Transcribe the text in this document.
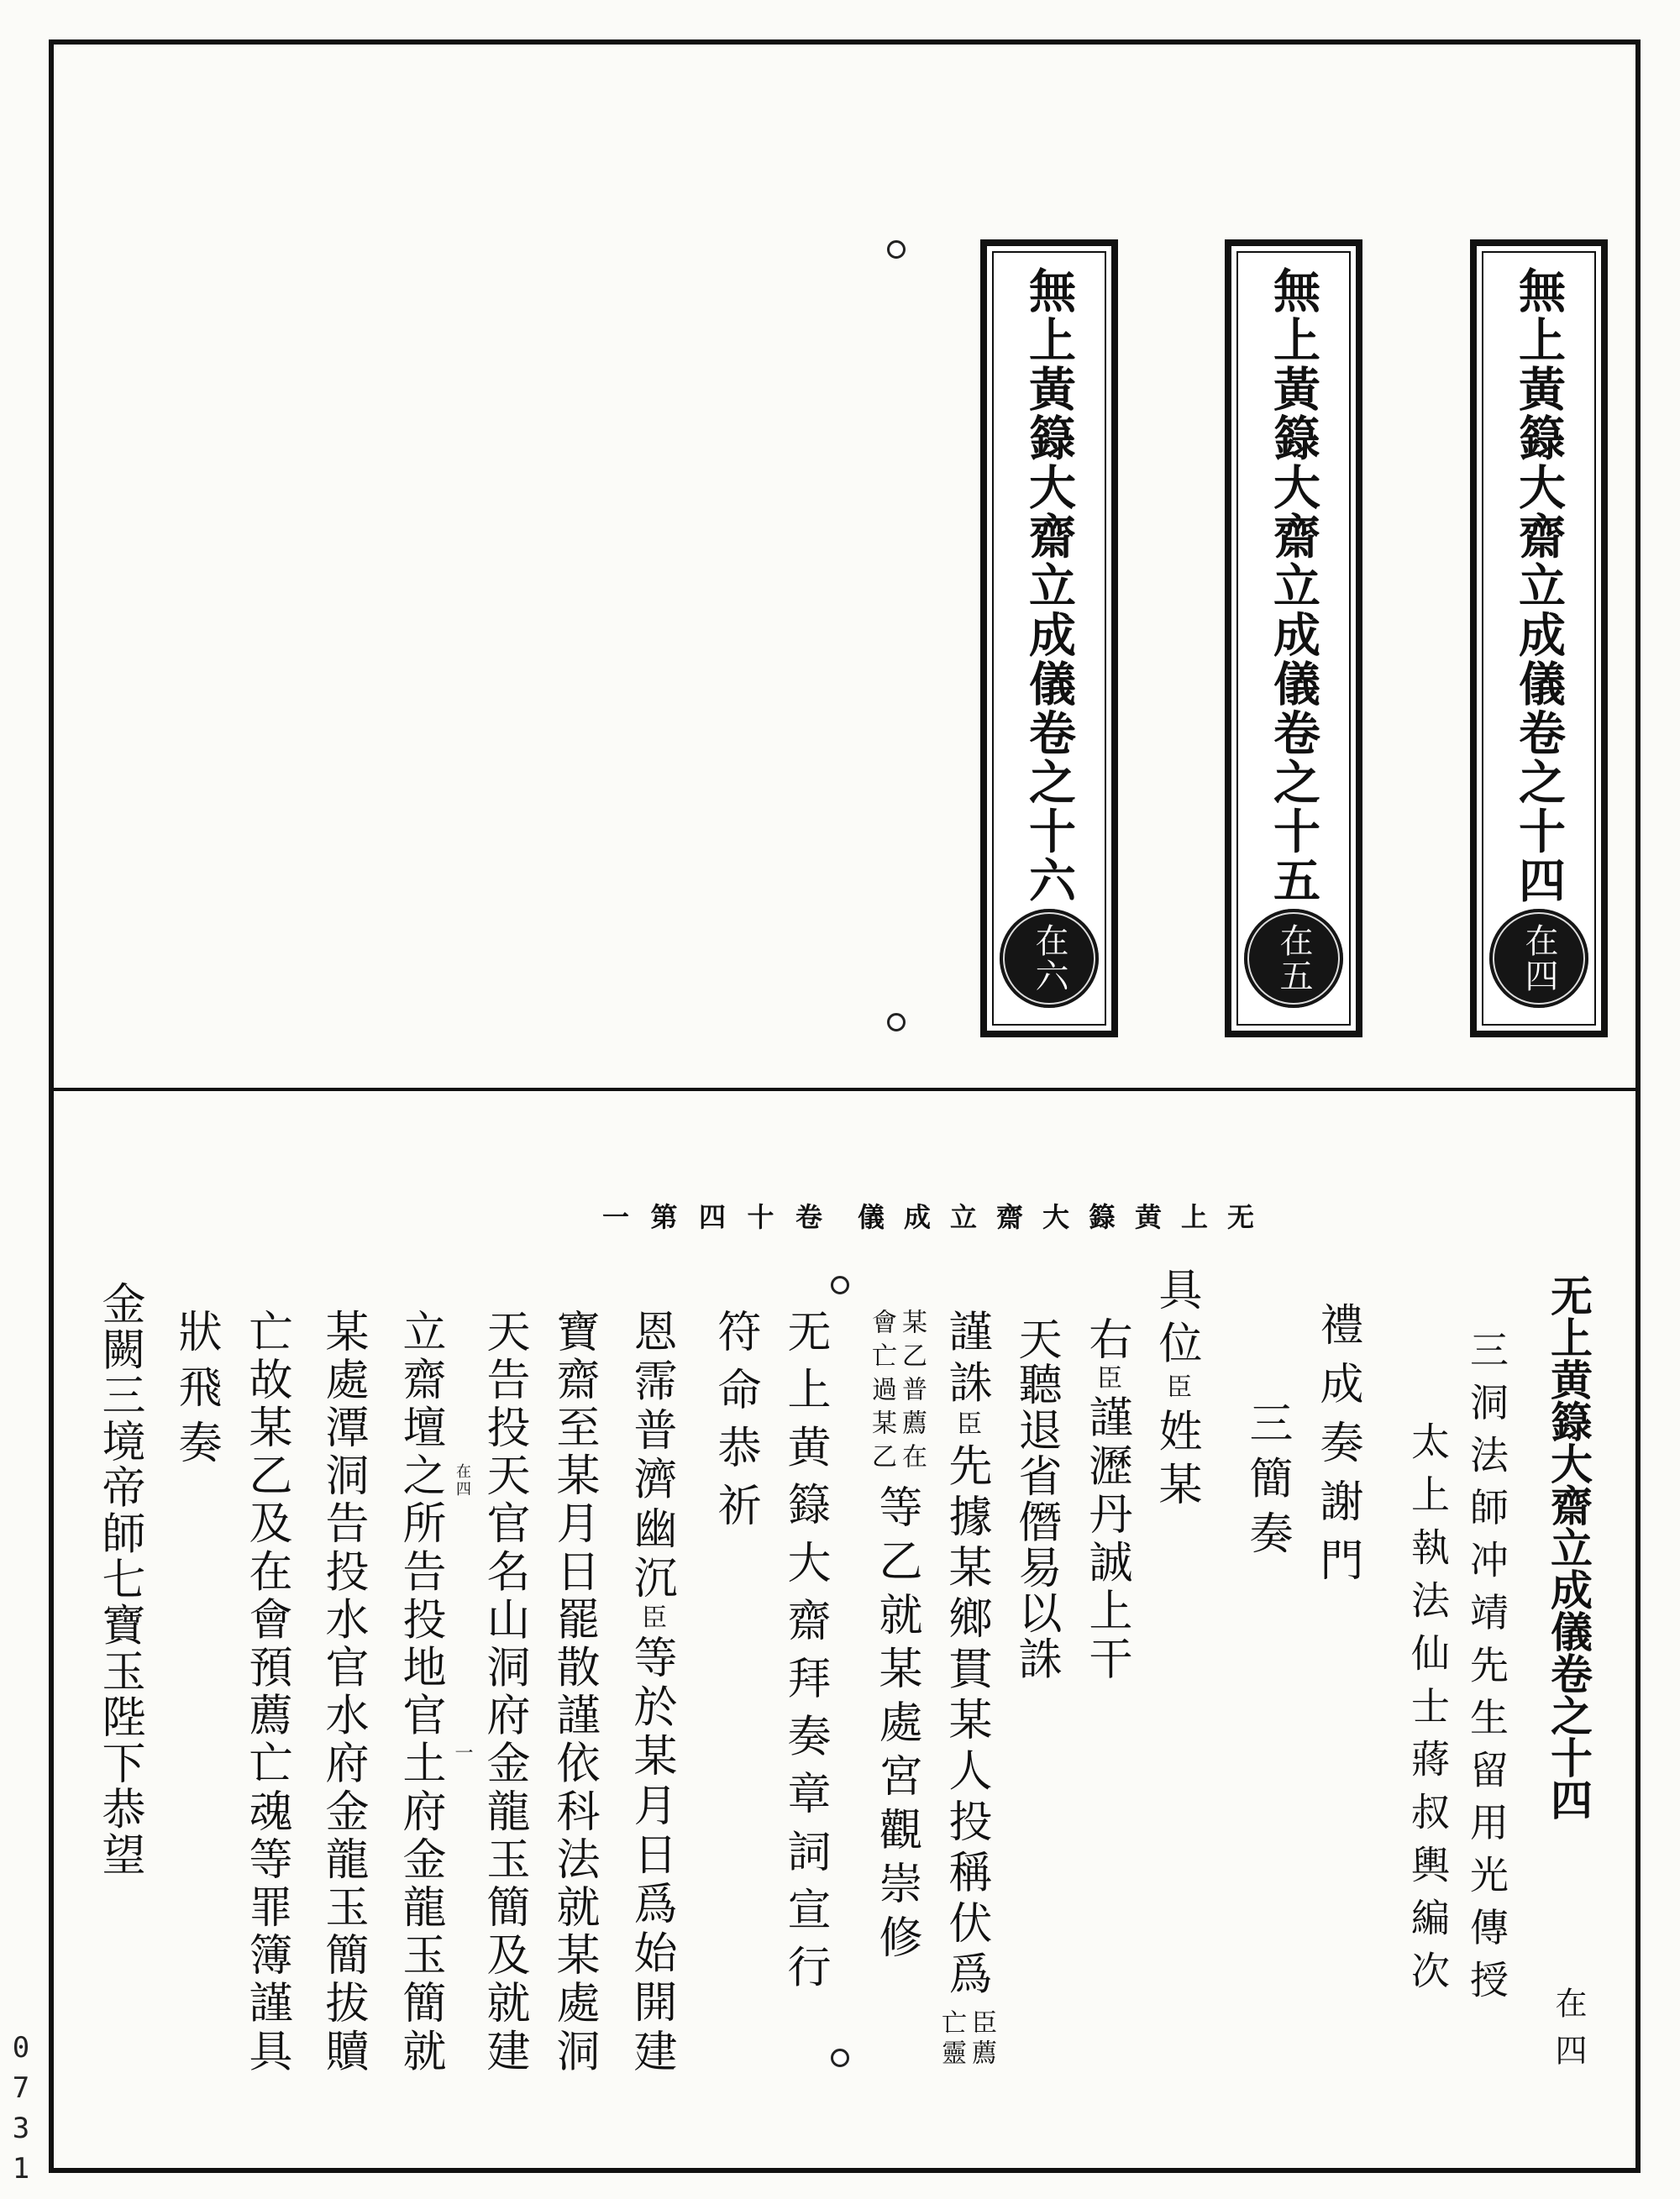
無上黃籙大齋立成儀卷之十四
在四
無上黃籙大齋立成儀卷之十五
在五
無上黃籙大齋立成儀卷之十六
在六
一第四十卷 儀成立齋大籙黄上无
无上黄籙大齋立成儀卷之十四
在四
三洞法師冲靖先生留用光傳授
太上執法仙士蔣叔輿編次
禮成奏謝門
三簡奏
具位臣姓某
右臣謹瀝丹誠上干
天聽退省僭易以誅
謹誅臣先據某鄉貫某人投稱伏爲
臣薦
亡靈
某乙普薦在
會亡過某乙
等乙就某處宮觀崇修
无上黄籙大齋拜奏章詞宣行
符命恭祈
恩霈普濟幽沉臣等於某月日爲始開建
寶齋至某月日罷散謹依科法就某處洞
天告投天官名山洞府金龍玉簡及就建
在四
一
立齋壇之所告投地官土府金龍玉簡就
某處潭洞告投水官水府金龍玉簡拔贖
亡故某乙及在會預薦亡魂等罪簿謹具
狀飛奏
金闕三境帝師七寶玉陛下恭望
0731
